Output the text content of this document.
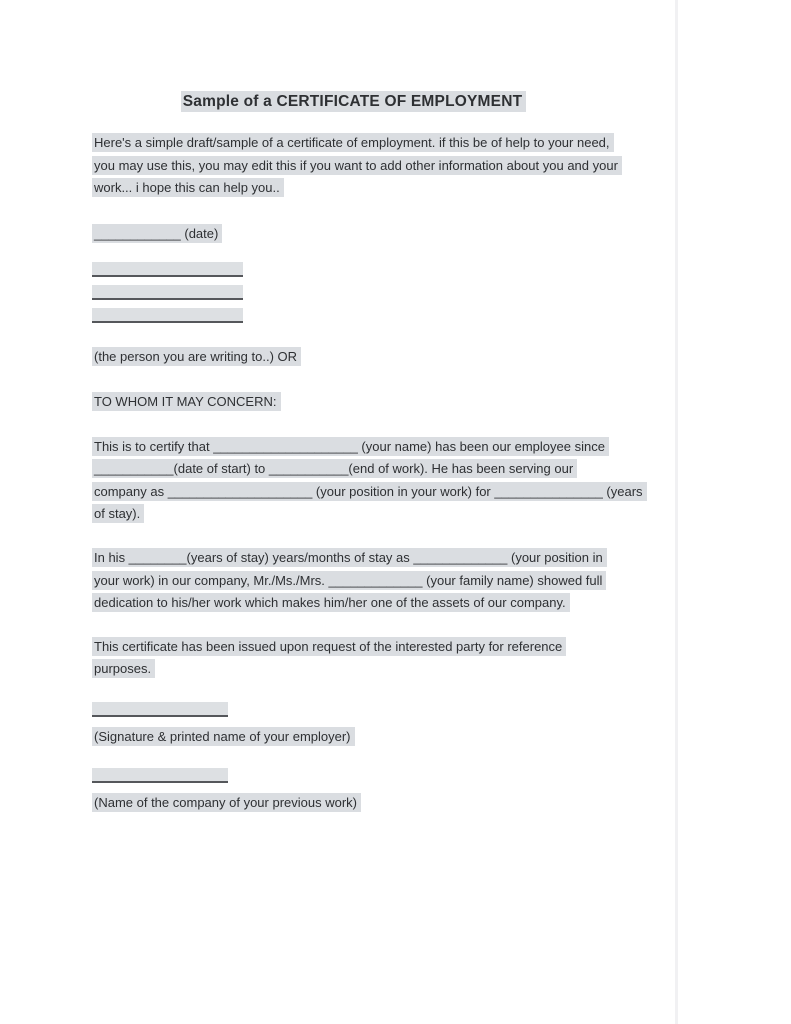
Sample of a CERTIFICATE OF EMPLOYMENT
Here's a simple draft/sample of a certificate of employment. if this be of help to your need,
you may use this, you may edit this if you want to add other information about you and your
work... i hope this can help you..
____________ (date)
(the person you are writing to..) OR
TO WHOM IT MAY CONCERN:
This is to certify that ____________________ (your name) has been our employee since
___________(date of start) to ___________(end of work). He has been serving our
company as ____________________ (your position in your work) for _______________ (years
of stay).
In his ________(years of stay) years/months of stay as _____________ (your position in
your work) in our company, Mr./Ms./Mrs. _____________ (your family name) showed full
dedication to his/her work which makes him/her one of the assets of our company.
This certificate has been issued upon request of the interested party for reference
purposes.
(Signature & printed name of your employer)
(Name of the company of your previous work)
